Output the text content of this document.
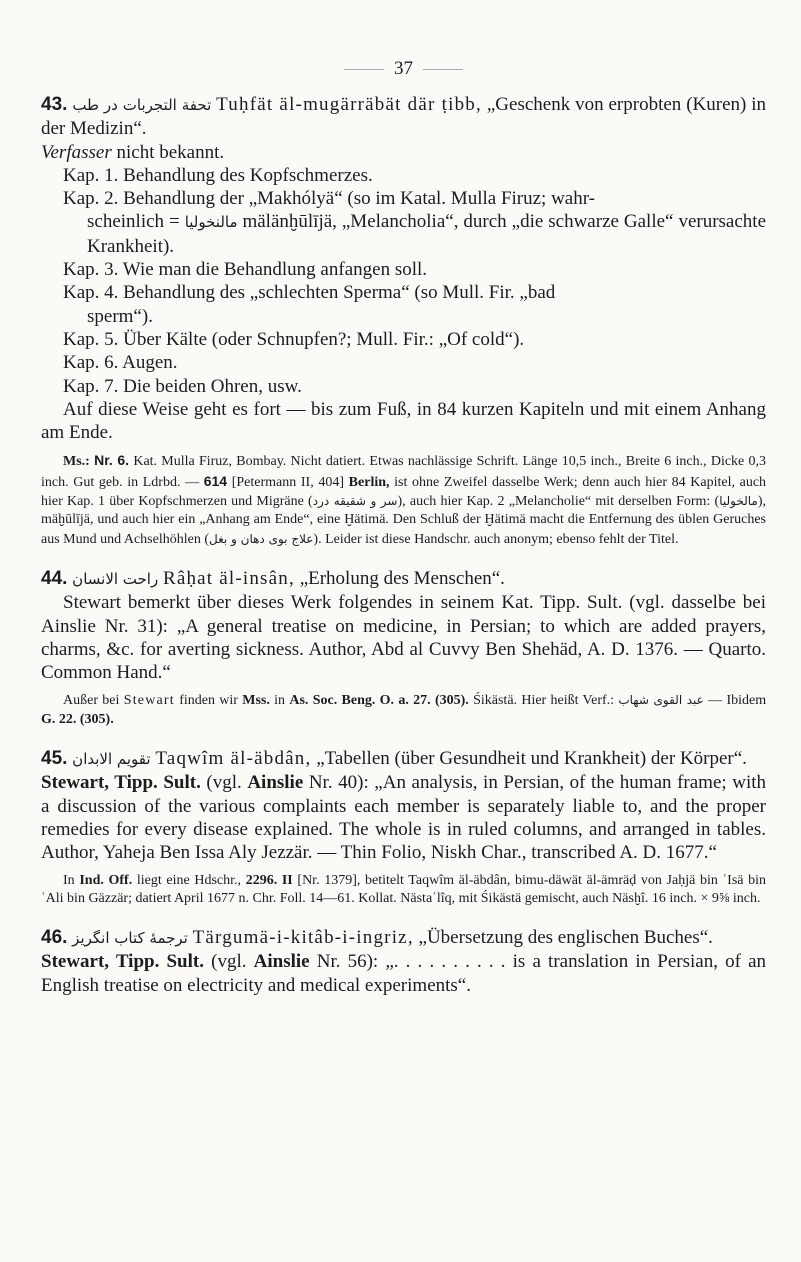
37

43. تحفة التجربات در طب Tuḥfät äl-mugärräbät där ṭibb, „Geschenk von erprobten (Kuren) in der Medizin“.

Verfasser nicht bekannt.

Kap. 1. Behandlung des Kopfschmerzes.

Kap. 2. Behandlung der „Makhólyä“ (so im Katal. Mulla Firuz; wahr-

scheinlich = مالنخوليا mälänḫūlījä, „Melancholia“, durch „die schwarze Galle“ verursachte Krankheit).

Kap. 3. Wie man die Behandlung anfangen soll.

Kap. 4. Behandlung des „schlechten Sperma“ (so Mull. Fir. „bad

sperm“).

Kap. 5. Über Kälte (oder Schnupfen?; Mull. Fir.: „Of cold“).

Kap. 6. Augen.

Kap. 7. Die beiden Ohren, usw.

Auf diese Weise geht es fort — bis zum Fuß, in 84 kurzen Kapiteln und mit einem Anhang am Ende.

Ms.: Nr. 6. Kat. Mulla Firuz, Bombay. Nicht datiert. Etwas nachlässige Schrift. Länge 10,5 inch., Breite 6 inch., Dicke 0,3 inch. Gut geb. in Ldrbd. — 614 [Petermann II, 404] Berlin, ist ohne Zweifel dasselbe Werk; denn auch hier 84 Kapitel, auch hier Kap. 1 über Kopfschmerzen und Migräne (سر و شقیقه درد), auch hier Kap. 2 „Melancholie“ mit derselben Form: (مالخوليا), mäḫūlījä, und auch hier ein „Anhang am Ende“, eine Ḫätimä. Den Schluß der Ḫätimä macht die Entfernung des üblen Geruches aus Mund und Achselhöhlen (علاج بوی دهان و بغل). Leider ist diese Handschr. auch anonym; ebenso fehlt der Titel.

44. راحت الانسان Râḥat äl-insân, „Erholung des Menschen“.

Stewart bemerkt über dieses Werk folgendes in seinem Kat. Tipp. Sult. (vgl. dasselbe bei Ainslie Nr. 31): „A general treatise on medicine, in Persian; to which are added prayers, charms, &c. for averting sickness. Author, Abd al Cuvvy Ben Shehäd, A. D. 1376. — Quarto. Common Hand.“

Außer bei Stewart finden wir Mss. in As. Soc. Beng. O. a. 27. (305). Śikästä. Hier heißt Verf.: عبد القوی شهاب — Ibidem G. 22. (305).

45. تقويم الابدان Taqwîm äl-äbdân, „Tabellen (über Gesundheit und Krankheit) der Körper“.

Stewart, Tipp. Sult. (vgl. Ainslie Nr. 40): „An analysis, in Persian, of the human frame; with a discussion of the various complaints each member is separately liable to, and the proper remedies for every disease explained. The whole is in ruled columns, and arranged in tables. Author, Yaheja Ben Issa Aly Jezzär. — Thin Folio, Niskh Char., transcribed A. D. 1677.“

In Ind. Off. liegt eine Hdschr., 2296. II [Nr. 1379], betitelt Taqwîm äl-äbdân, bimu-däwät äl-ämräḍ von Jaḥjä bin ʿIsä bin ʿAli bin Gäzzär; datiert April 1677 n. Chr. Foll. 14—61. Kollat. Nästaʿlîq, mit Śikästä gemischt, auch Näsḫî. 16 inch. × 9⅝ inch.

46. ترجمهٔ کتاب انگریز Tärgumä-i-kitâb-i-ingriz, „Übersetzung des englischen Buches“.

Stewart, Tipp. Sult. (vgl. Ainslie Nr. 56): „. . . . . . . . . . is a translation in Persian, of an English treatise on electricity and medical experiments“.
